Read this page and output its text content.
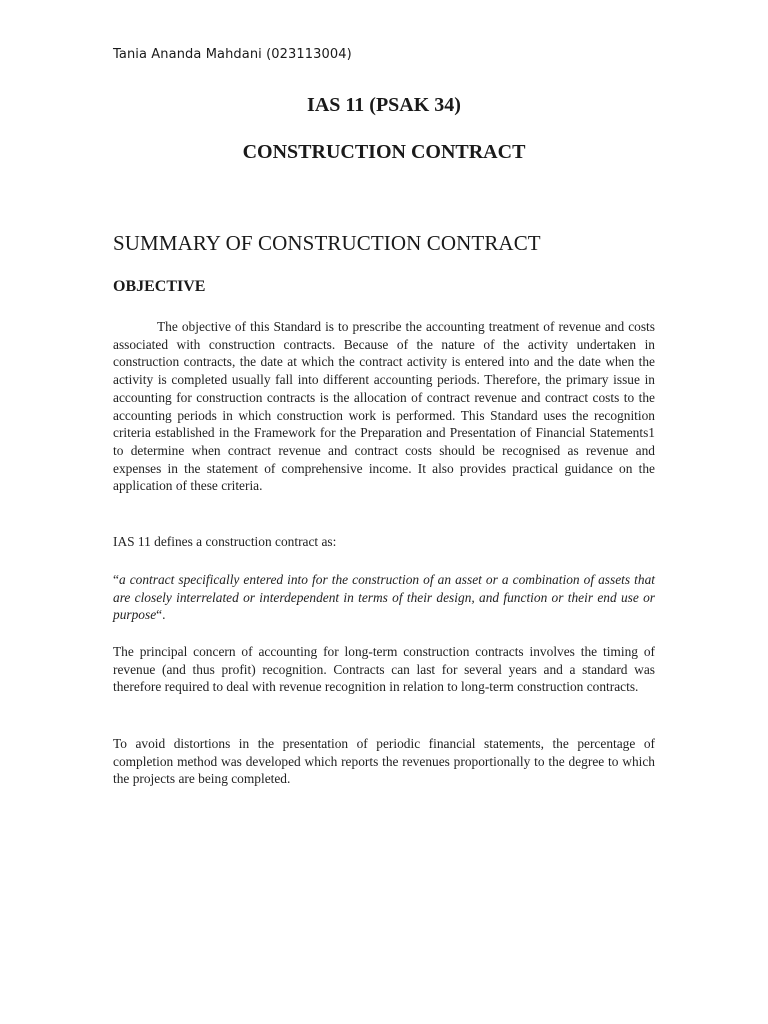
Tania Ananda Mahdani (023113004)
IAS 11 (PSAK 34)
CONSTRUCTION CONTRACT
SUMMARY OF CONSTRUCTION CONTRACT
OBJECTIVE

The objective of this Standard is to prescribe the accounting treatment of revenue and costs associated with construction contracts. Because of the nature of the activity undertaken in construction contracts, the date at which the contract activity is entered into and the date when the activity is completed usually fall into different accounting periods. Therefore, the primary issue in accounting for construction contracts is the allocation of contract revenue and contract costs to the accounting periods in which construction work is performed. This Standard uses the recognition criteria established in the Framework for the Preparation and Presentation of Financial Statements1 to determine when contract revenue and contract costs should be recognised as revenue and expenses in the statement of comprehensive income. It also provides practical guidance on the application of these criteria.

IAS 11 defines a construction contract as:

“a contract specifically entered into for the construction of an asset or a combination of assets that are closely interrelated or interdependent in terms of their design, and function or their end use or purpose“.

The principal concern of accounting for long-term construction contracts involves the timing of revenue (and thus profit) recognition. Contracts can last for several years and a standard was therefore required to deal with revenue recognition in relation to long-term construction contracts.

To avoid distortions in the presentation of periodic financial statements, the percentage of completion method was developed which reports the revenues proportionally to the degree to which the projects are being completed.
